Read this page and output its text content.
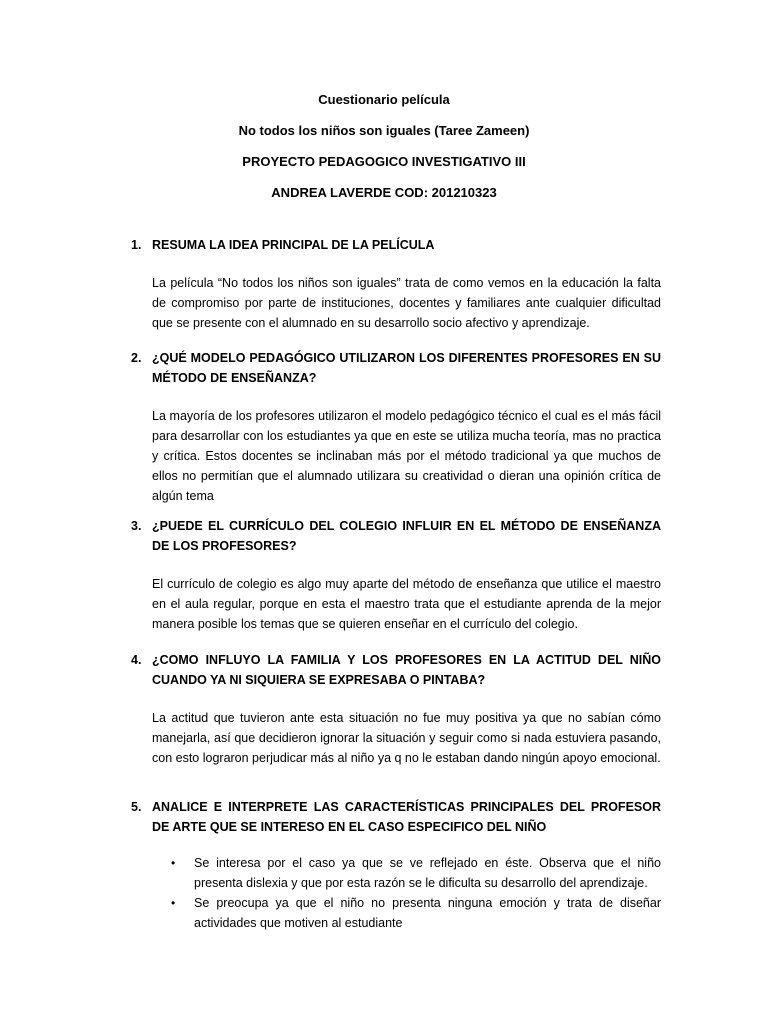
Cuestionario película
No todos los niños son iguales (Taree Zameen)
PROYECTO PEDAGOGICO INVESTIGATIVO III
ANDREA LAVERDE COD: 201210323
1. RESUMA LA IDEA PRINCIPAL DE LA PELÍCULA
La película “No todos los niños son iguales” trata de como vemos en la educación la falta de compromiso por parte de instituciones, docentes y familiares ante cualquier dificultad que se presente con el alumnado en su desarrollo socio afectivo y aprendizaje.
2. ¿QUÉ MODELO PEDAGÓGICO UTILIZARON LOS DIFERENTES PROFESORES EN SU MÉTODO DE ENSEÑANZA?
La mayoría de los profesores utilizaron el modelo pedagógico técnico el cual es el más fácil para desarrollar con los estudiantes ya que en este se utiliza mucha teoría, mas no practica y crítica. Estos docentes se inclinaban más por el método tradicional ya que muchos de ellos no permitían que el alumnado utilizara su creatividad o dieran una opinión crítica de algún tema
3. ¿PUEDE EL CURRÍCULO DEL COLEGIO INFLUIR EN EL MÉTODO DE ENSEÑANZA DE LOS PROFESORES?
El currículo de colegio es algo muy aparte del método de enseñanza que utilice el maestro en el aula regular, porque en esta el maestro trata que el estudiante aprenda de la mejor manera posible los temas que se quieren enseñar en el currículo del colegio.
4. ¿COMO INFLUYO LA FAMILIA Y LOS PROFESORES EN LA ACTITUD DEL NIÑO CUANDO YA NI SIQUIERA SE EXPRESABA O PINTABA?
La actitud que tuvieron ante esta situación no fue muy positiva ya que no sabían cómo manejarla, así que decidieron ignorar la situación y seguir como si nada estuviera pasando, con esto lograron perjudicar más al niño ya q no le estaban dando ningún apoyo emocional.
5. ANALICE E INTERPRETE LAS CARACTERÍSTICAS PRINCIPALES DEL PROFESOR DE ARTE QUE SE INTERESO EN EL CASO ESPECIFICO DEL NIÑO
•	Se interesa por el caso ya que se ve reflejado en éste. Observa que el niño presenta dislexia y que por esta razón se le dificulta su desarrollo del aprendizaje.
•	Se preocupa ya que el niño no presenta ninguna emoción y trata de diseñar actividades que motiven al estudiante
